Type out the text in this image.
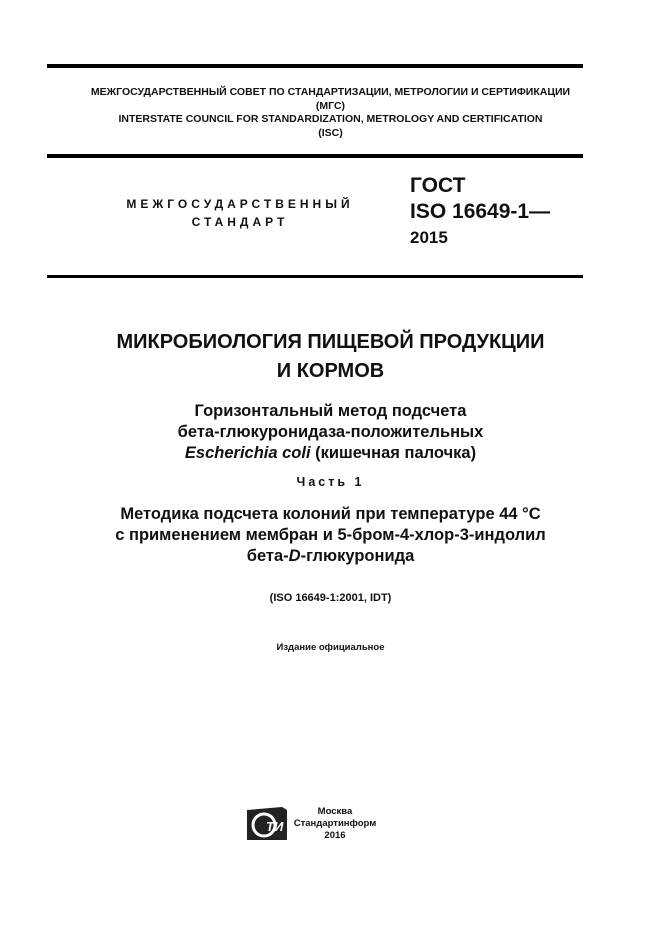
МЕЖГОСУДАРСТВЕННЫЙ СОВЕТ ПО СТАНДАРТИЗАЦИИ, МЕТРОЛОГИИ И СЕРТИФИКАЦИИ
(МГС)
INTERSTATE COUNCIL FOR STANDARDIZATION, METROLOGY AND CERTIFICATION
(ISC)
МЕЖГОСУДАРСТВЕННЫЙ
СТАНДАРТ
ГОСТ
ISO 16649-1—
2015
МИКРОБИОЛОГИЯ ПИЩЕВОЙ ПРОДУКЦИИ
И КОРМОВ
Горизонтальный метод подсчета
бета-глюкуронидаза-положительных
Escherichia coli (кишечная палочка)
Часть 1
Методика подсчета колоний при температуре 44 °С
с применением мембран и 5-бром-4-хлор-3-индолил
бета-D-глюкуронида
(ISO 16649-1:2001, IDT)
Издание официальное
ТИ
Москва
Стандартинформ
2016
